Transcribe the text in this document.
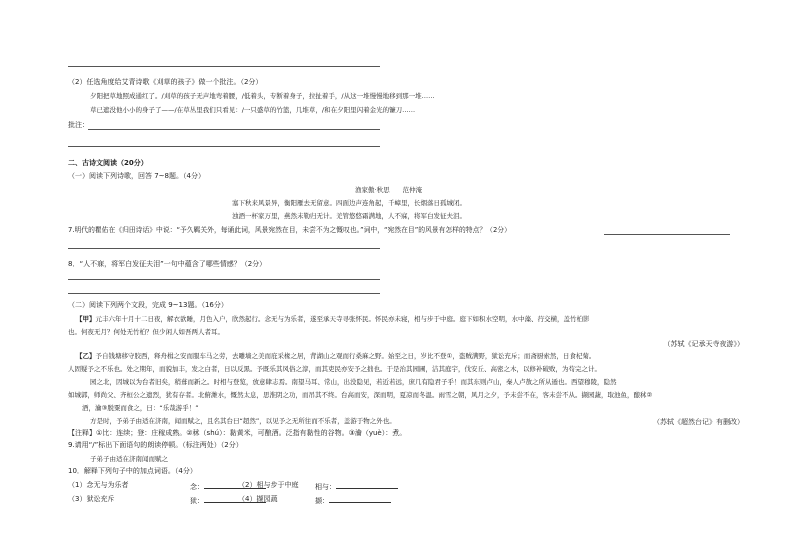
（2）任选角度给艾青诗歌《刈草的孩子》做一个批注。（2分）
夕阳把草地照成通红了。/刈草的孩子无声地弯着腰，/低着头，专断着身子，拉扯着手，/从这一堆慢慢地移到那一堆……
草已遮没他小小的身子了——/在草丛里我们只看见：/一只盛草的竹篮，几堆草，/和在夕阳里闪着金光的镰刀……
批注：
二、古诗文阅读（20分）
（一）阅读下列诗歌，回答 7~8题。（4分）
渔家傲·秋思　　范仲淹
塞下秋来风景异，衡阳雁去无留意。四面边声连角起，千嶂里，长烟落日孤城闭。
浊酒一杯家万里，燕然未勒归无计。羌管悠悠霜满地，人不寐，将军白发征夫泪。
7.明代的瞿佑在《归田诗话》中说：“予久羁关外，每诵此词，风景宛然在目，未尝不为之慨叹也。”词中，“宛然在目”的风景有怎样的特点？（2分）
8．“人不寐，将军白发征夫泪”一句中蕴含了哪些情感？（2分）
（二）阅读下列两个文段，完成 9~13题。（16分）
【甲】元丰六年十月十二日夜，解衣欲睡，月色入户，欣然起行。念无与为乐者，遂至承天寺寻张怀民。怀民亦未寝，相与步于中庭。庭下如积水空明，水中藻、荇交横，盖竹柏影
也。何夜无月？何处无竹柏？但少闲人如吾两人者耳。
（苏轼《记承天寺夜游》）
【乙】予自钱塘移守胶西，释舟楫之安而服车马之劳，去雕墙之美而庇采椽之居，背湖山之观而行桑麻之野。始至之日，岁比不登①，盗贼满野，狱讼充斥；而斋厨索然，日食杞菊。
人固疑予之不乐也。处之期年，而貌加丰，发之白者，日以反黑。予既乐其风俗之淳，而其吏民亦安予之拙也。于是治其园圃，洁其庭宇，伐安丘、高密之木，以修补破败，为苟完之计。
园之北，因城以为台者旧矣，稍葺而新之。时相与登览，放意肆志焉。南望马耳、常山，出没隐见，若近若远，庶几有隐君子乎！而其东则卢山，秦人卢敖之所从遁也。西望穆陵，隐然
如城郭，师尚父、齐桓公之遗烈，犹有存者。北俯潍水，慨然太息，思淮阴之功，而吊其不终。台高而安，深而明，夏凉而冬温。雨雪之朝，风月之夕，予未尝不在，客未尝不从。撷园蔬，取池鱼，酿秫②
酒，瀹③脱粟而食之，曰：“乐哉游乎！”
方是时，予弟子由适在济南，闻而赋之，且名其台曰“超然”，以见予之无所往而不乐者，盖游于物之外也。	（苏轼《超然台记》有删改）
【注释】①比：连续；登：庄稼成熟。②秫（shú）：黏黄米，可酿酒。泛指有黏性的谷物。③瀹（yuè）：煮。
9.请用“/”标出下面语句的朗读停顿。（标注两处）（2分）
子弟子由适在济南闻而赋之
10．解释下列句子中的加点词语。（4分）
（1）念无与为乐者	念：	（2）相与步于中庭 相与：
（3）狱讼充斥	狱：	（4）撷园蔬	撷：
